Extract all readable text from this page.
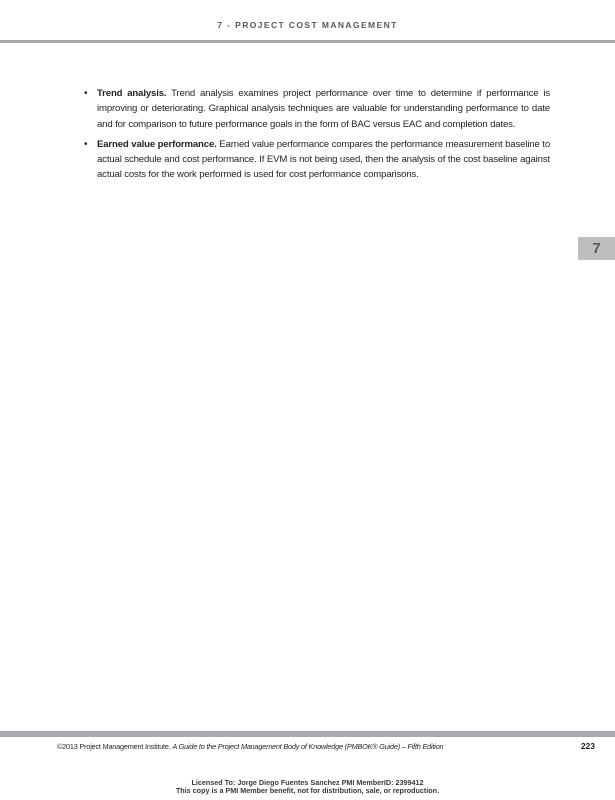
7 - PROJECT COST MANAGEMENT
• Trend analysis. Trend analysis examines project performance over time to determine if performance is improving or deteriorating. Graphical analysis techniques are valuable for understanding performance to date and for comparison to future performance goals in the form of BAC versus EAC and completion dates.
• Earned value performance. Earned value performance compares the performance measurement baseline to actual schedule and cost performance. If EVM is not being used, then the analysis of the cost baseline against actual costs for the work performed is used for cost performance comparisons.
7
©2013 Project Management Institute. A Guide to the Project Management Body of Knowledge (PMBOK® Guide) – Fifth Edition	223
Licensed To: Jorge Diego Fuentes Sanchez PMI MemberID: 2399412
This copy is a PMI Member benefit, not for distribution, sale, or reproduction.
